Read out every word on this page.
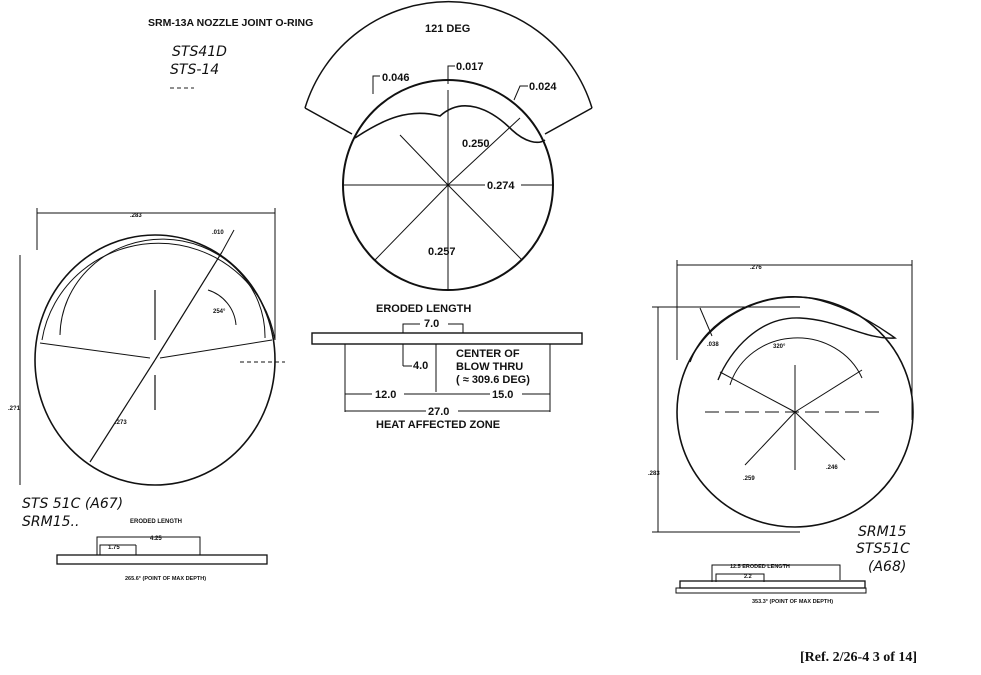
SRM-13A NOZZLE JOINT O-RING
STS41D
STS-14
121 DEG
0.046
0.017
0.024
0.250
0.274
0.257
ERODED LENGTH
7.0
4.0
CENTER OF
BLOW THRU
( ≈ 309.6 DEG)
12.0	15.0
27.0
HEAT AFFECTED ZONE
.283
.2?1
254°
.010
.273
STS 51C (A67)
SRM15..	ERODED LENGTH
4.25
1.75
265.6° (POINT OF MAX DEPTH)
.276
.283
320°
.038
.259
.246
SRM15
STS51C
(A68)
12.5 ERODED LENGTH
2.2
353.3° (POINT OF MAX DEPTH)
[Ref. 2/26-4 3 of 14]
